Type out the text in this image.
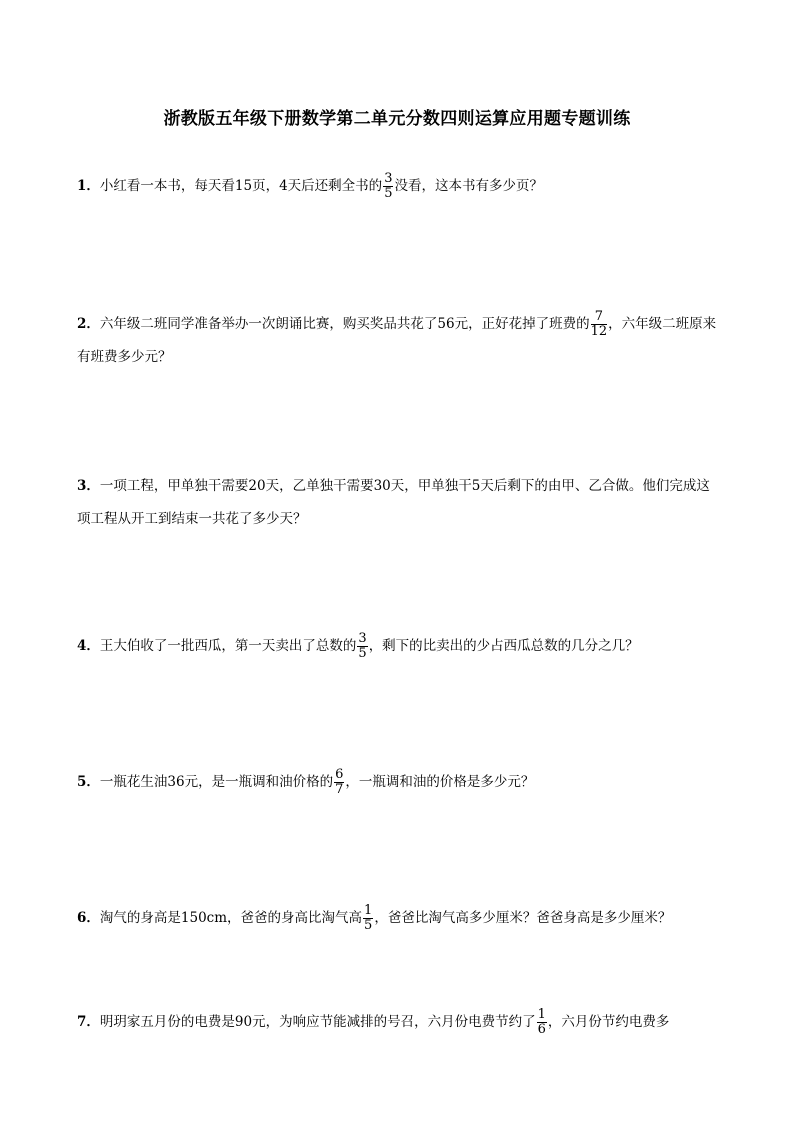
浙教版五年级下册数学第二单元分数四则运算应用题专题训练
1．小红看一本书，每天看15页，4天后还剩全书的 $\frac{3}{5}$ 没看，这本书有多少页？
2．六年级二班同学准备举办一次朗诵比赛，购买奖品共花了56元，正好花掉了班费的 $\frac{7}{12}$ ，六年级二班原来有班费多少元？
3．一项工程，甲单独干需要20天，乙单独干需要30天，甲单独干5天后剩下的由甲、乙合做。他们完成这项工程从开工到结束一共花了多少天？
4．王大伯收了一批西瓜，第一天卖出了总数的 $\frac{3}{5}$ ，剩下的比卖出的少占西瓜总数的几分之几？
5．一瓶花生油36元，是一瓶调和油价格的 $\frac{6}{7}$ ，一瓶调和油的价格是多少元？
6．淘气的身高是150cm，爸爸的身高比淘气高 $\frac{1}{5}$ ，爸爸比淘气高多少厘米？爸爸身高是多少厘米？
7．明玥家五月份的电费是90元，为响应节能减排的号召，六月份电费节约了 $\frac{1}{6}$ ，六月份节约电费多
